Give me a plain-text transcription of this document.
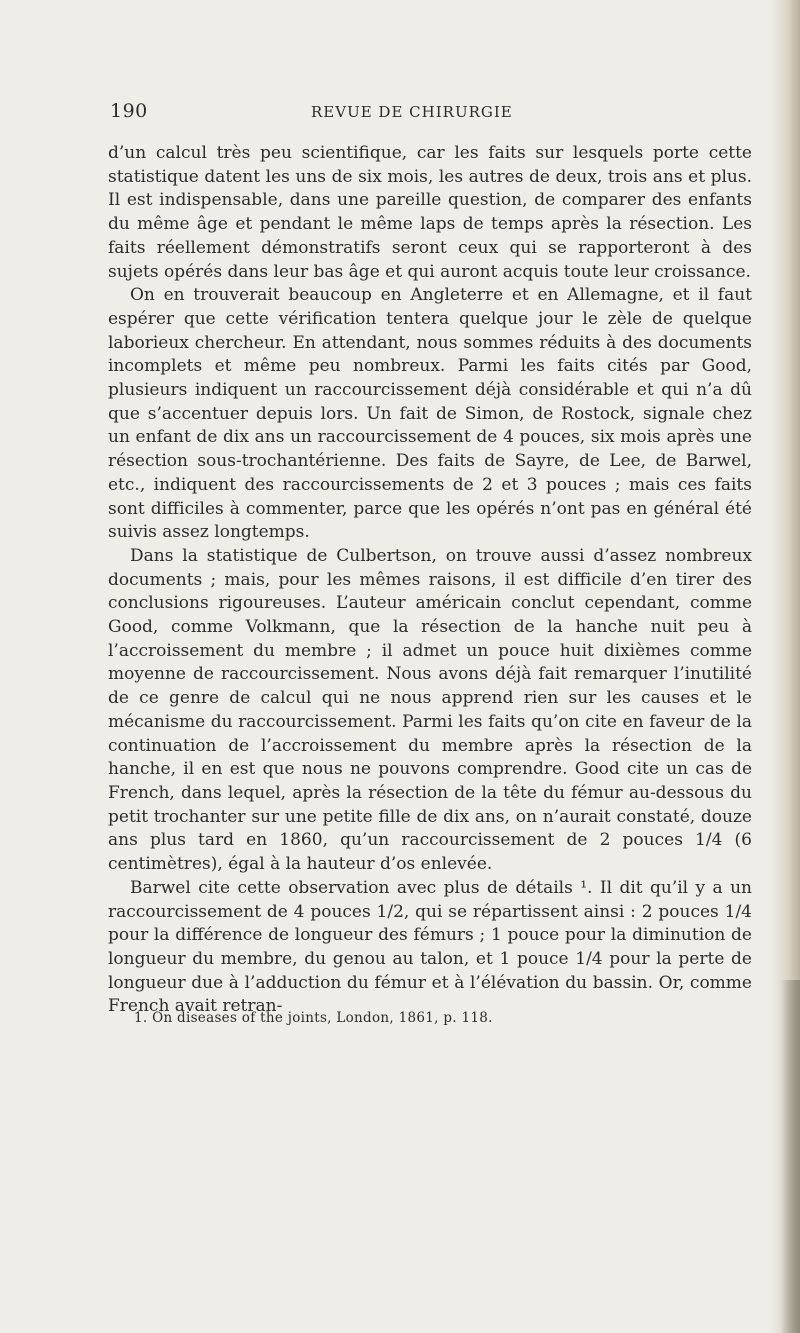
190	REVUE DE CHIRURGIE

d’un calcul très peu scientifique, car les faits sur lesquels porte cette statistique datent les uns de six mois, les autres de deux, trois ans et plus. Il est indispensable, dans une pareille question, de comparer des enfants du même âge et pendant le même laps de temps après la résection. Les faits réellement démonstratifs seront ceux qui se rapporteront à des sujets opérés dans leur bas âge et qui auront acquis toute leur croissance.

On en trouverait beaucoup en Angleterre et en Allemagne, et il faut espérer que cette vérification tentera quelque jour le zèle de quelque laborieux chercheur. En attendant, nous sommes réduits à des documents incomplets et même peu nombreux. Parmi les faits cités par Good, plusieurs indiquent un raccourcissement déjà considérable et qui n’a dû que s’accentuer depuis lors. Un fait de Simon, de Rostock, signale chez un enfant de dix ans un raccourcissement de 4 pouces, six mois après une résection sous-trochantérienne. Des faits de Sayre, de Lee, de Barwel, etc., indiquent des raccourcissements de 2 et 3 pouces ; mais ces faits sont difficiles à commenter, parce que les opérés n’ont pas en général été suivis assez longtemps.

Dans la statistique de Culbertson, on trouve aussi d’assez nombreux documents ; mais, pour les mêmes raisons, il est difficile d’en tirer des conclusions rigoureuses. L’auteur américain conclut cependant, comme Good, comme Volkmann, que la résection de la hanche nuit peu à l’accroissement du membre ; il admet un pouce huit dixièmes comme moyenne de raccourcissement. Nous avons déjà fait remarquer l’inutilité de ce genre de calcul qui ne nous apprend rien sur les causes et le mécanisme du raccourcissement. Parmi les faits qu’on cite en faveur de la continuation de l’accroissement du membre après la résection de la hanche, il en est que nous ne pouvons comprendre. Good cite un cas de French, dans lequel, après la résection de la tête du fémur au-dessous du petit trochanter sur une petite fille de dix ans, on n’aurait constaté, douze ans plus tard en 1860, qu’un raccourcissement de 2 pouces 1/4 (6 centimètres), égal à la hauteur d’os enlevée.

Barwel cite cette observation avec plus de détails ¹. Il dit qu’il y a un raccourcissement de 4 pouces 1/2, qui se répartissent ainsi : 2 pouces 1/4 pour la différence de longueur des fémurs ; 1 pouce pour la diminution de longueur du membre, du genou au talon, et 1 pouce 1/4 pour la perte de longueur due à l’adduction du fémur et à l’élévation du bassin. Or, comme French avait retran-

1. On diseases of the joints, London, 1861, p. 118.
